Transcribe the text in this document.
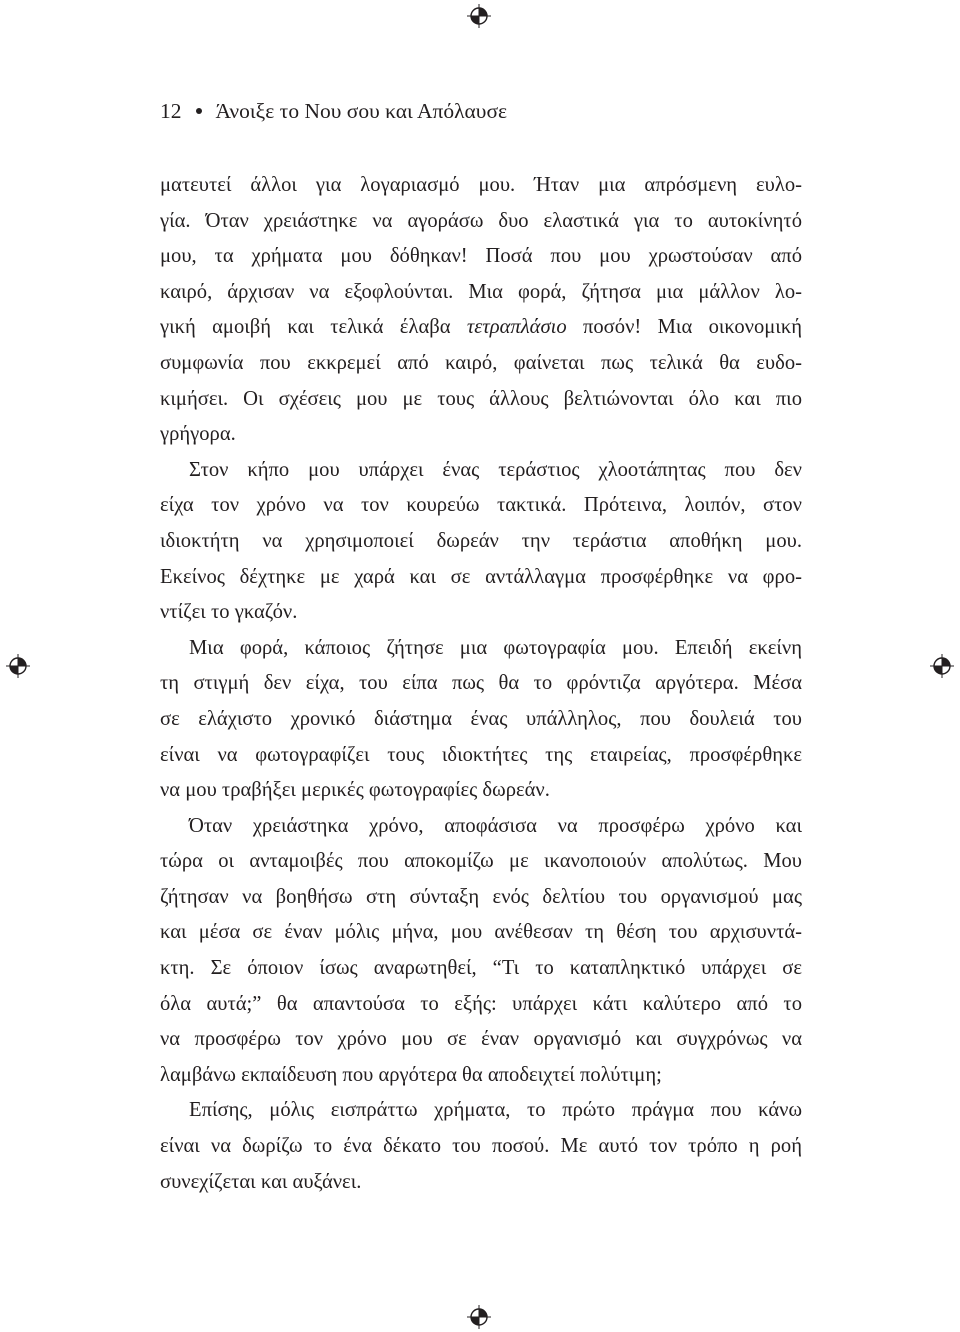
12 Άνοιξε το Νου σου και Απόλαυσε
ματευτεί άλλοι για λογαριασμό μου. Ήταν μια απρόσμενη ευλο-
γία. Όταν χρειάστηκε να αγοράσω δυο ελαστικά για το αυτοκίνητό
μου, τα χρήματα μου δόθηκαν! Ποσά που μου χρωστούσαν από
καιρό, άρχισαν να εξοφλούνται. Μια φορά, ζήτησα μια μάλλον λο-
γική αμοιβή και τελικά έλαβα τετραπλάσιο ποσόν! Μια οικονομική
συμφωνία που εκκρεμεί από καιρό, φαίνεται πως τελικά θα ευδο-
κιμήσει. Οι σχέσεις μου με τους άλλους βελτιώνονται όλο και πιο
γρήγορα.
Στον κήπο μου υπάρχει ένας τεράστιος χλοοτάπητας που δεν
είχα τον χρόνο να τον κουρεύω τακτικά. Πρότεινα, λοιπόν, στον
ιδιοκτήτη να χρησιμοποιεί δωρεάν την τεράστια αποθήκη μου.
Εκείνος δέχτηκε με χαρά και σε αντάλλαγμα προσφέρθηκε να φρο-
ντίζει το γκαζόν.
Μια φορά, κάποιος ζήτησε μια φωτογραφία μου. Επειδή εκείνη
τη στιγμή δεν είχα, του είπα πως θα το φρόντιζα αργότερα. Μέσα
σε ελάχιστο χρονικό διάστημα ένας υπάλληλος, που δουλειά του
είναι να φωτογραφίζει τους ιδιοκτήτες της εταιρείας, προσφέρθηκε
να μου τραβήξει μερικές φωτογραφίες δωρεάν.
Όταν χρειάστηκα χρόνο, αποφάσισα να προσφέρω χρόνο και
τώρα οι ανταμοιβές που αποκομίζω με ικανοποιούν απολύτως. Μου
ζήτησαν να βοηθήσω στη σύνταξη ενός δελτίου του οργανισμού μας
και μέσα σε έναν μόλις μήνα, μου ανέθεσαν τη θέση του αρχισυντά-
κτη. Σε όποιον ίσως αναρωτηθεί, “Τι το καταπληκτικό υπάρχει σε
όλα αυτά;” θα απαντούσα το εξής: υπάρχει κάτι καλύτερο από το
να προσφέρω τον χρόνο μου σε έναν οργανισμό και συγχρόνως να
λαμβάνω εκπαίδευση που αργότερα θα αποδειχτεί πολύτιμη;
Επίσης, μόλις εισπράττω χρήματα, το πρώτο πράγμα που κάνω
είναι να δωρίζω το ένα δέκατο του ποσού. Με αυτό τον τρόπο η ροή
συνεχίζεται και αυξάνει.
